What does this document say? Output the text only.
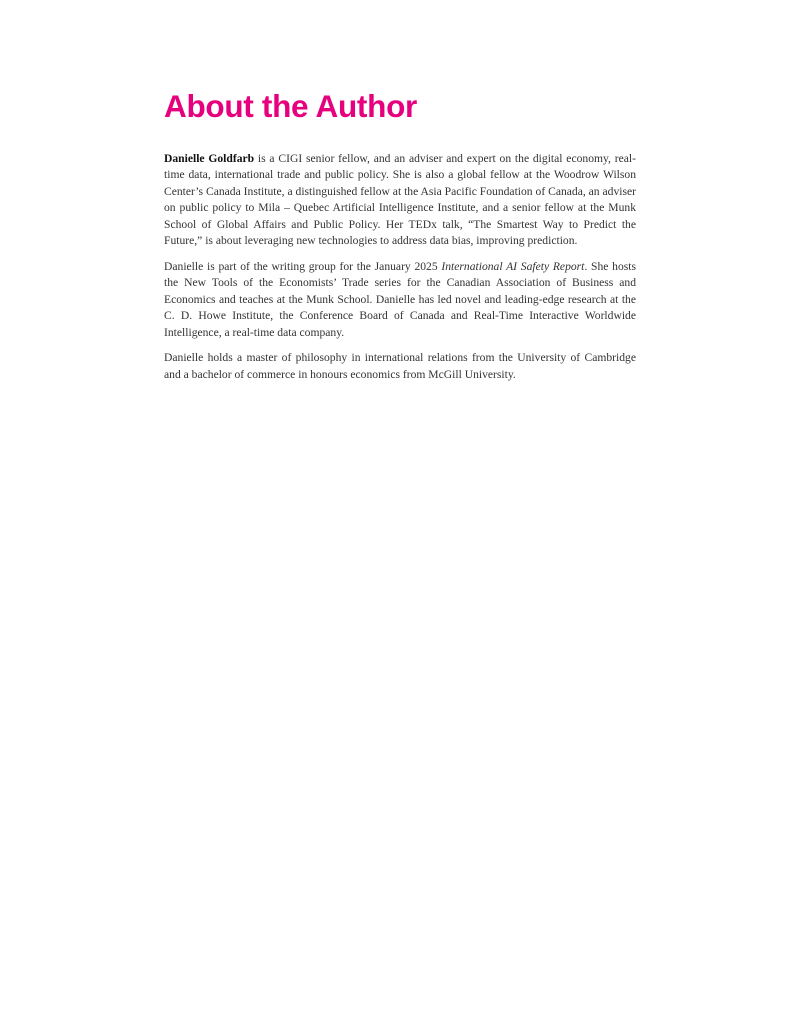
About the Author

Danielle Goldfarb is a CIGI senior fellow, and an adviser and expert on the digital economy, real-time data, international trade and public policy. She is also a global fellow at the Woodrow Wilson Center’s Canada Institute, a distinguished fellow at the Asia Pacific Foundation of Canada, an adviser on public policy to Mila – Quebec Artificial Intelligence Institute, and a senior fellow at the Munk School of Global Affairs and Public Policy. Her TEDx talk, “The Smartest Way to Predict the Future,” is about leveraging new technologies to address data bias, improving prediction.

Danielle is part of the writing group for the January 2025 International AI Safety Report. She hosts the New Tools of the Economists’ Trade series for the Canadian Association of Business and Economics and teaches at the Munk School. Danielle has led novel and leading-edge research at the C. D. Howe Institute, the Conference Board of Canada and Real-Time Interactive Worldwide Intelligence, a real-time data company.

Danielle holds a master of philosophy in international relations from the University of Cambridge and a bachelor of commerce in honours economics from McGill University.
